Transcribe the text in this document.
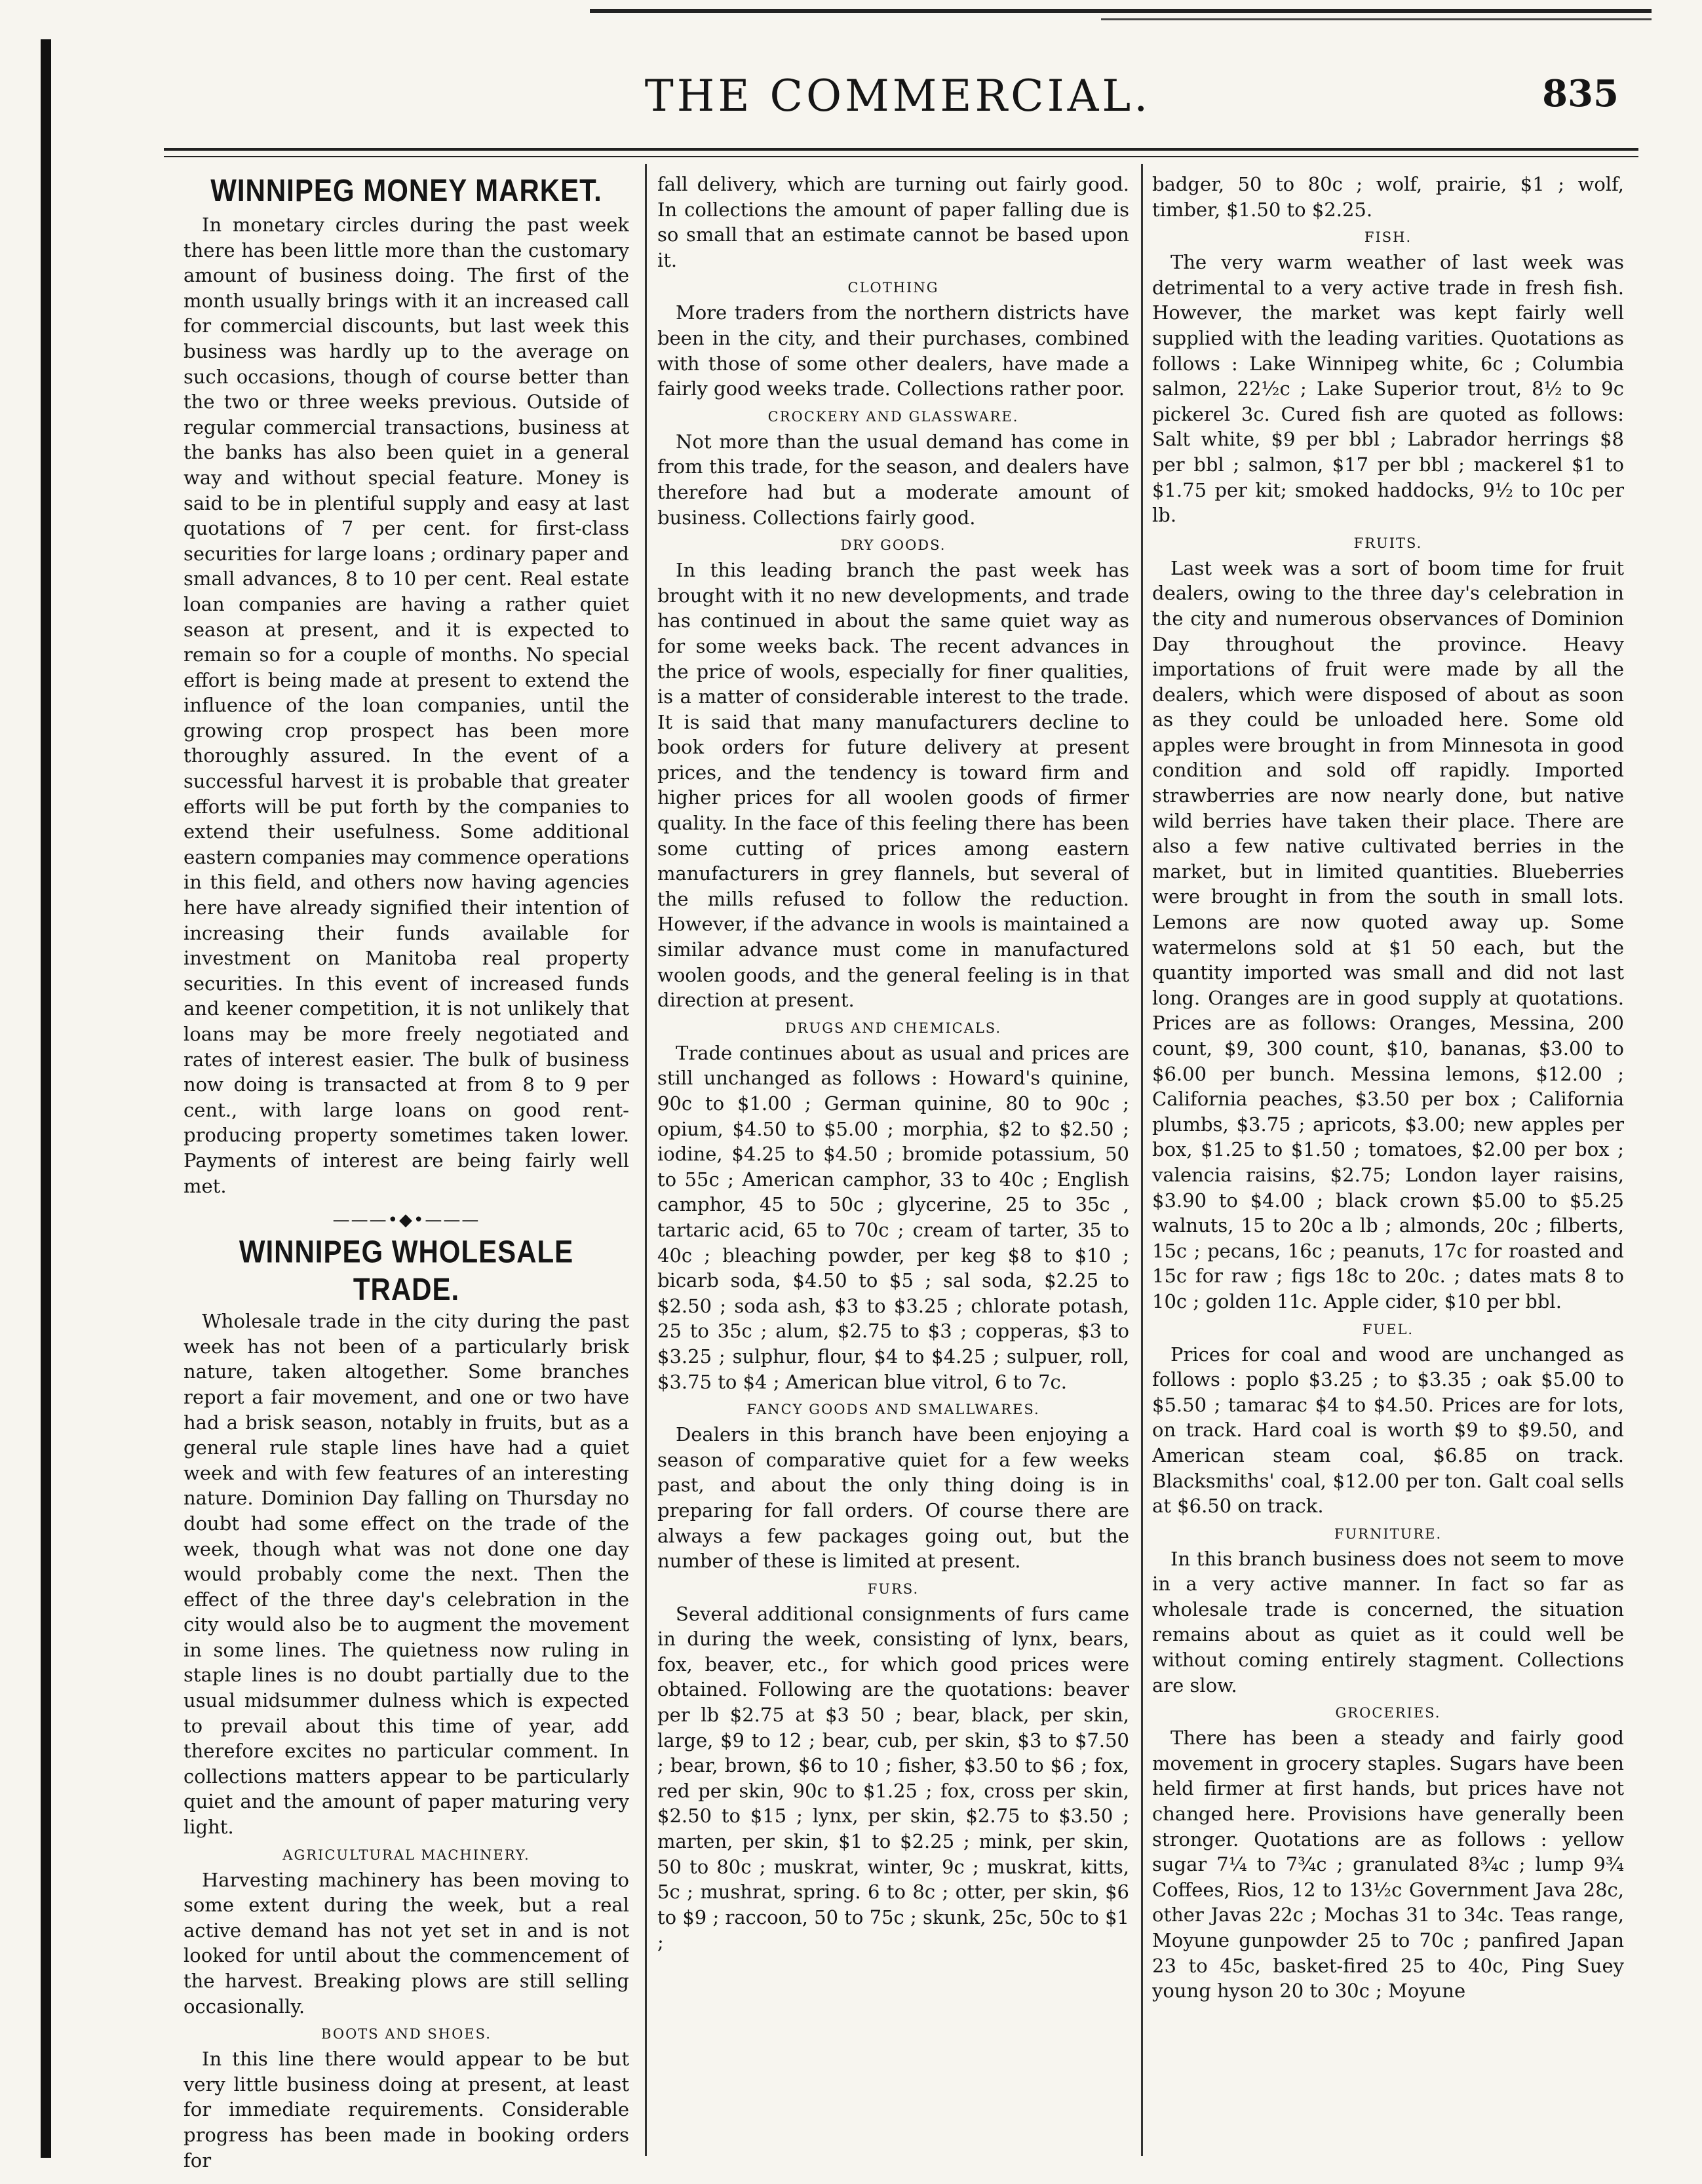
THE COMMERCIAL.	835
WINNIPEG MONEY MARKET.

In monetary circles during the past week there has been little more than the customary amount of business doing. The first of the month usually brings with it an increased call for commercial discounts, but last week this business was hardly up to the average on such occasions, though of course better than the two or three weeks previous. Outside of regular commercial transactions, business at the banks has also been quiet in a general way and without special feature. Money is said to be in plentiful supply and easy at last quotations of 7 per cent. for first-class securities for large loans ; ordinary paper and small advances, 8 to 10 per cent. Real estate loan companies are having a rather quiet season at present, and it is expected to remain so for a couple of months. No special effort is being made at present to extend the influence of the loan companies, until the growing crop prospect has been more thoroughly assured. In the event of a successful harvest it is probable that greater efforts will be put forth by the companies to extend their usefulness. Some additional eastern companies may commence operations in this field, and others now having agencies here have already signified their intention of increasing their funds available for investment on Manitoba real property securities. In this event of increased funds and keener competition, it is not unlikely that loans may be more freely negotiated and rates of interest easier. The bulk of business now doing is transacted at from 8 to 9 per cent., with large loans on good rent-producing property sometimes taken lower. Payments of interest are being fairly well met.

———•◆•———
WINNIPEG WHOLESALE TRADE.

Wholesale trade in the city during the past week has not been of a particularly brisk nature, taken altogether. Some branches report a fair movement, and one or two have had a brisk season, notably in fruits, but as a general rule staple lines have had a quiet week and with few features of an interesting nature. Dominion Day falling on Thursday no doubt had some effect on the trade of the week, though what was not done one day would probably come the next. Then the effect of the three day's celebration in the city would also be to augment the movement in some lines. The quietness now ruling in staple lines is no doubt partially due to the usual midsummer dulness which is expected to prevail about this time of year, add therefore excites no particular comment. In collections matters appear to be particularly quiet and the amount of paper maturing very light.

AGRICULTURAL MACHINERY.

Harvesting machinery has been moving to some extent during the week, but a real active demand has not yet set in and is not looked for until about the commencement of the harvest. Breaking plows are still selling occasionally.

BOOTS AND SHOES.

In this line there would appear to be but very little business doing at present, at least for immediate requirements. Considerable progress has been made in booking orders for

fall delivery, which are turning out fairly good. In collections the amount of paper falling due is so small that an estimate cannot be based upon it.

CLOTHING

More traders from the northern districts have been in the city, and their purchases, combined with those of some other dealers, have made a fairly good weeks trade. Collections rather poor.

CROCKERY AND GLASSWARE.

Not more than the usual demand has come in from this trade, for the season, and dealers have therefore had but a moderate amount of business. Collections fairly good.

DRY GOODS.

In this leading branch the past week has brought with it no new developments, and trade has continued in about the same quiet way as for some weeks back. The recent advances in the price of wools, especially for finer qualities, is a matter of considerable interest to the trade. It is said that many manufacturers decline to book orders for future delivery at present prices, and the tendency is toward firm and higher prices for all woolen goods of firmer quality. In the face of this feeling there has been some cutting of prices among eastern manufacturers in grey flannels, but several of the mills refused to follow the reduction. However, if the advance in wools is maintained a similar advance must come in manufactured woolen goods, and the general feeling is in that direction at present.

DRUGS AND CHEMICALS.

Trade continues about as usual and prices are still unchanged as follows : Howard's quinine, 90c to $1.00 ; German quinine, 80 to 90c ; opium, $4.50 to $5.00 ; morphia, $2 to $2.50 ; iodine, $4.25 to $4.50 ; bromide potassium, 50 to 55c ; American camphor, 33 to 40c ; English camphor, 45 to 50c ; glycerine, 25 to 35c , tartaric acid, 65 to 70c ; cream of tarter, 35 to 40c ; bleaching powder, per keg $8 to $10 ; bicarb soda, $4.50 to $5 ; sal soda, $2.25 to $2.50 ; soda ash, $3 to $3.25 ; chlorate potash, 25 to 35c ; alum, $2.75 to $3 ; copperas, $3 to $3.25 ; sulphur, flour, $4 to $4.25 ; sulpuer, roll, $3.75 to $4 ; American blue vitrol, 6 to 7c.

FANCY GOODS AND SMALLWARES.

Dealers in this branch have been enjoying a season of comparative quiet for a few weeks past, and about the only thing doing is in preparing for fall orders. Of course there are always a few packages going out, but the number of these is limited at present.

FURS.

Several additional consignments of furs came in during the week, consisting of lynx, bears, fox, beaver, etc., for which good prices were obtained. Following are the quotations: beaver per lb $2.75 at $3 50 ; bear, black, per skin, large, $9 to 12 ; bear, cub, per skin, $3 to $7.50 ; bear, brown, $6 to 10 ; fisher, $3.50 to $6 ; fox, red per skin, 90c to $1.25 ; fox, cross per skin, $2.50 to $15 ; lynx, per skin, $2.75 to $3.50 ; marten, per skin, $1 to $2.25 ; mink, per skin, 50 to 80c ; muskrat, winter, 9c ; muskrat, kitts, 5c ; mushrat, spring. 6 to 8c ; otter, per skin, $6 to $9 ; raccoon, 50 to 75c ; skunk, 25c, 50c to $1 ;

badger, 50 to 80c ; wolf, prairie, $1 ; wolf, timber, $1.50 to $2.25.

FISH.

The very warm weather of last week was detrimental to a very active trade in fresh fish. However, the market was kept fairly well supplied with the leading varities. Quotations as follows : Lake Winnipeg white, 6c ; Columbia salmon, 22½c ; Lake Superior trout, 8½ to 9c pickerel 3c. Cured fish are quoted as follows: Salt white, $9 per bbl ; Labrador herrings $8 per bbl ; salmon, $17 per bbl ; mackerel $1 to $1.75 per kit; smoked haddocks, 9½ to 10c per lb.

FRUITS.

Last week was a sort of boom time for fruit dealers, owing to the three day's celebration in the city and numerous observances of Dominion Day throughout the province. Heavy importations of fruit were made by all the dealers, which were disposed of about as soon as they could be unloaded here. Some old apples were brought in from Minnesota in good condition and sold off rapidly. Imported strawberries are now nearly done, but native wild berries have taken their place. There are also a few native cultivated berries in the market, but in limited quantities. Blueberries were brought in from the south in small lots. Lemons are now quoted away up. Some watermelons sold at $1 50 each, but the quantity imported was small and did not last long. Oranges are in good supply at quotations. Prices are as follows: Oranges, Messina, 200 count, $9, 300 count, $10, bananas, $3.00 to $6.00 per bunch. Messina lemons, $12.00 ; California peaches, $3.50 per box ; California plumbs, $3.75 ; apricots, $3.00; new apples per box, $1.25 to $1.50 ; tomatoes, $2.00 per box ; valencia raisins, $2.75; London layer raisins, $3.90 to $4.00 ; black crown $5.00 to $5.25 walnuts, 15 to 20c a lb ; almonds, 20c ; filberts, 15c ; pecans, 16c ; peanuts, 17c for roasted and 15c for raw ; figs 18c to 20c. ; dates mats 8 to 10c ; golden 11c. Apple cider, $10 per bbl.

FUEL.

Prices for coal and wood are unchanged as follows : poplo $3.25 ; to $3.35 ; oak $5.00 to $5.50 ; tamarac $4 to $4.50. Prices are for lots, on track. Hard coal is worth $9 to $9.50, and American steam coal, $6.85 on track. Blacksmiths' coal, $12.00 per ton. Galt coal sells at $6.50 on track.

FURNITURE.

In this branch business does not seem to move in a very active manner. In fact so far as wholesale trade is concerned, the situation remains about as quiet as it could well be without coming entirely stagment. Collections are slow.

GROCERIES.

There has been a steady and fairly good movement in grocery staples. Sugars have been held firmer at first hands, but prices have not changed here. Provisions have generally been stronger. Quotations are as follows : yellow sugar 7¼ to 7¾c ; granulated 8¾c ; lump 9¾ Coffees, Rios, 12 to 13½c Government Java 28c, other Javas 22c ; Mochas 31 to 34c. Teas range, Moyune gunpowder 25 to 70c ; panfired Japan 23 to 45c, basket-fired 25 to 40c, Ping Suey young hyson 20 to 30c ; Moyune
